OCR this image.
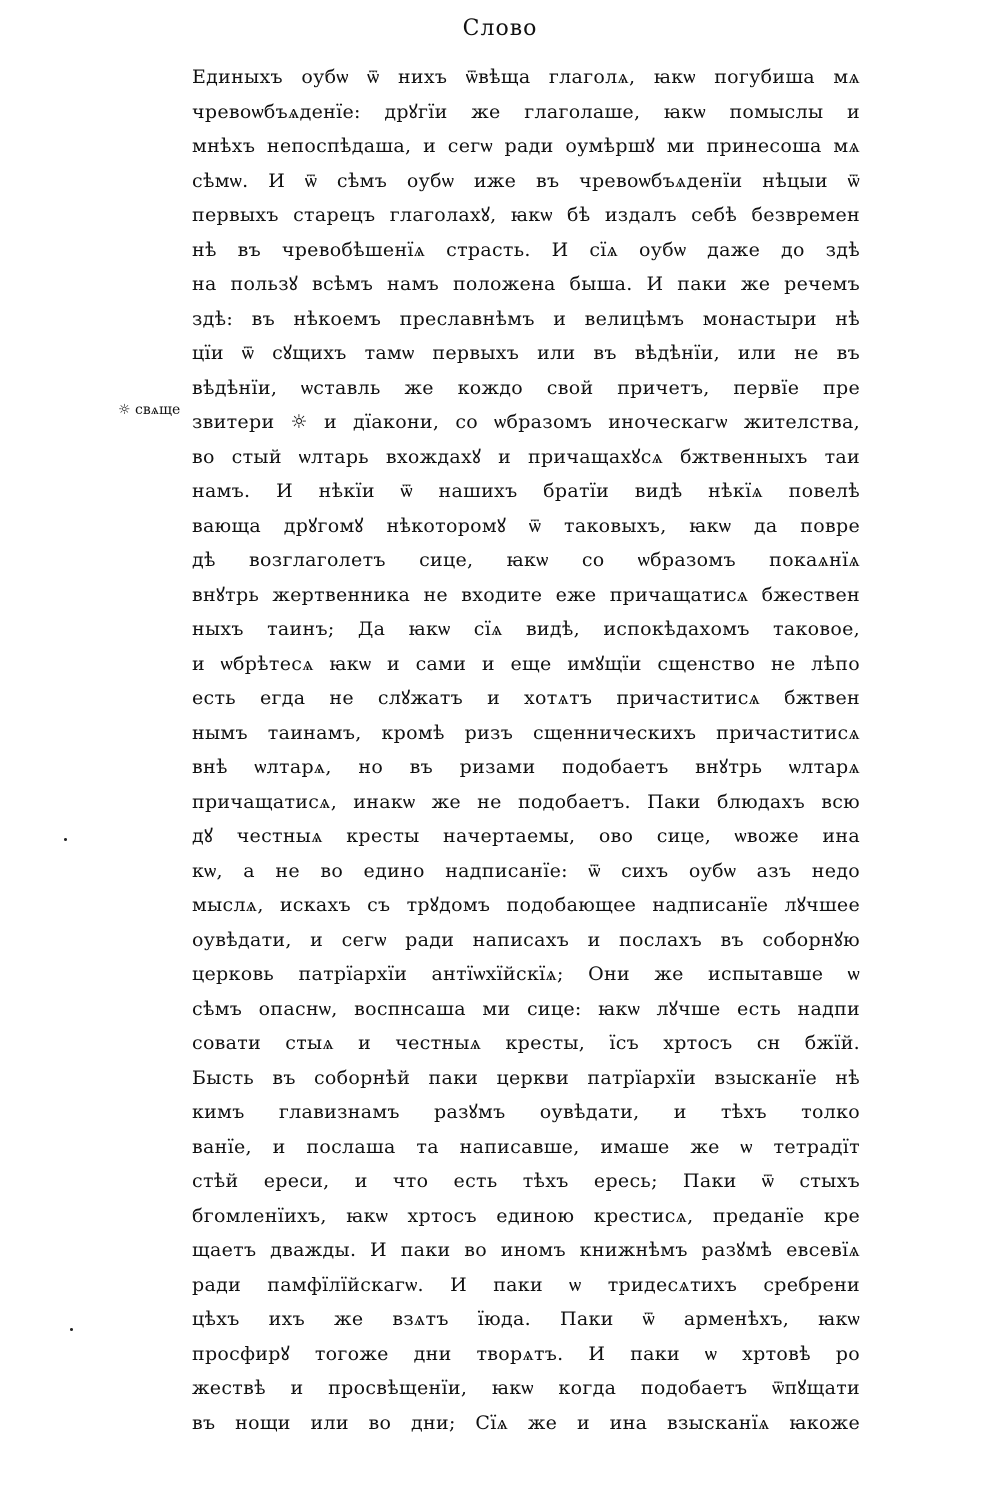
Слово
☼ свѧще
Единыхъ оубѡ ѿ нихъ ѿвѣща глаголѧ, ꙗкѡ погубиша мѧ
чревоѡбъѧденїе: дрꙋгїи же глаголаше, ꙗкѡ помыслы и
мнѣхъ непоспѣдаша, и сегѡ ради оумѣршꙋ ми принесоша мѧ
сѣмѡ. И ѿ сѣмъ оубѡ иже въ чревоѡбъѧденїи нѣцыи ѿ
первыхъ старецъ глаголахꙋ, ꙗкѡ бѣ издалъ себѣ безвремен
нѣ въ чревобѣшенїѧ страсть. И сїѧ оубѡ даже до здѣ
на пользꙋ всѣмъ намъ положена быша. И паки же речемъ
здѣ: въ нѣкоемъ преславнѣмъ и велицѣмъ монастыри нѣ
цїи ѿ сꙋщихъ тамѡ первыхъ или въ вѣдѣнїи, или не въ
вѣдѣнїи, ѡставль же кождо свой причетъ, первїе пре
звитери ☼ и дїакони, со ѡбразомъ иноческагѡ жителства,
во стый ѡлтарь вхождахꙋ и причащахꙋсѧ бжтвенныхъ таи
намъ. И нѣкїи ѿ нашихъ братїи видѣ нѣкїѧ повелѣ
вающа дрꙋгомꙋ нѣкоторомꙋ ѿ таковыхъ, ꙗкѡ да повре
дѣ возглаголетъ сице, ꙗкѡ со ѡбразомъ покаѧнїѧ
внꙋтрь жертвенника не входите еже причащатисѧ бжествен
ныхъ таинъ; Да ꙗкѡ сїѧ видѣ, испокѣдахомъ таковое,
и ѡбрѣтесѧ ꙗкѡ и сами и еще имꙋщїи сщенство не лѣпо
есть егда не слꙋжатъ и хотѧтъ причаститисѧ бжтвен
нымъ таинамъ, кромѣ ризъ сщенническихъ причаститисѧ
внѣ ѡлтарѧ, но въ ризами подобаетъ внꙋтрь ѡлтарѧ
причащатисѧ, инакѡ же не подобаетъ. Паки блюдахъ всю
дꙋ честныѧ кресты начертаемы, ово сице, ѡвоже ина
кѡ, а не во едино надписанїе: ѿ сихъ оубѡ азъ недо
мыслѧ, искахъ съ трꙋдомъ подобающее надписанїе лꙋчшее
оувѣдати, и сегѡ ради написахъ и послахъ въ соборнꙋю
церковь патрїархїи антїѡхїйскїѧ; Они же испытавше ѡ
сѣмъ опаснѡ, воспнсаша ми сице: ꙗкѡ лꙋчше есть надпи
совати стыѧ и честныѧ кресты, їсъ хртосъ сн бжїй.
Бысть въ соборнѣй паки церкви патрїархїи взысканїе нѣ
кимъ главизнамъ разꙋмъ оувѣдати, и тѣхъ толко
ванїе, и послаша та написавше, имаше же ѡ тетрадїт
стѣй ереси, и что есть тѣхъ ересь; Паки ѿ стыхъ
бгомленїихъ, ꙗкѡ хртосъ единою крестисѧ, преданїе кре
щаетъ дважды. И паки во иномъ книжнѣмъ разꙋмѣ евсевїѧ
ради памфїлїйскагѡ. И паки ѡ тридесѧтихъ сребрени
цѣхъ ихъ же взѧтъ їюда. Паки ѿ арменѣхъ, ꙗкѡ
просфирꙋ тогоже дни творѧтъ. И паки ѡ хртовѣ ро
жествѣ и просвѣщенїи, ꙗкѡ когда подобаетъ ѿпꙋщати
въ нощи или во дни; Сїѧ же и ина взысканїѧ ꙗкоже
